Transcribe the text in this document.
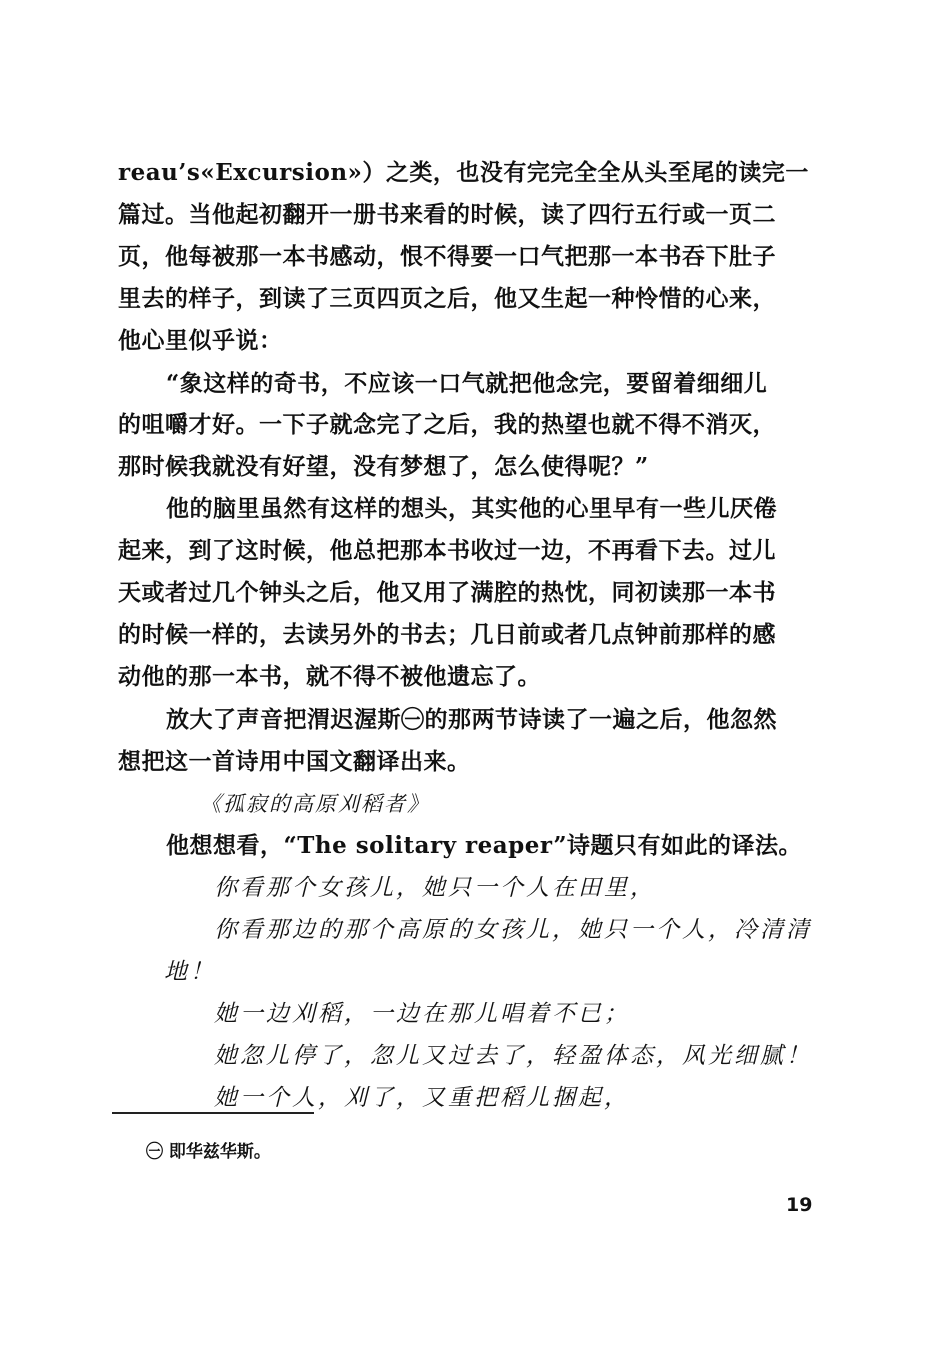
reau’s«Excursion»）之类，也没有完完全全从头至尾的读完一
篇过。当他起初翻开一册书来看的时候，读了四行五行或一页二
页，他每被那一本书感动，恨不得要一口气把那一本书吞下肚子
里去的样子，到读了三页四页之后，他又生起一种怜惜的心来，
他心里似乎说：
“象这样的奇书，不应该一口气就把他念完，要留着细细儿
的咀嚼才好。一下子就念完了之后，我的热望也就不得不消灭，
那时候我就没有好望，没有梦想了，怎么使得呢？”
他的脑里虽然有这样的想头，其实他的心里早有一些儿厌倦
起来，到了这时候，他总把那本书收过一边，不再看下去。过儿
天或者过几个钟头之后，他又用了满腔的热忱，同初读那一本书
的时候一样的，去读另外的书去；几日前或者几点钟前那样的感
动他的那一本书，就不得不被他遗忘了。
放大了声音把渭迟渥斯㊀的那两节诗读了一遍之后，他忽然
想把这一首诗用中国文翻译出来。
《孤寂的高原刈稻者》
他想想看，“The solitary reaper”诗题只有如此的译法。
你看那个女孩儿，她只一个人在田里，
你看那边的那个高原的女孩儿，她只一个人，冷清清
地！
她一边刈稻，一边在那儿唱着不已；
她忽儿停了，忽儿又过去了，轻盈体态，风光细腻！
她一个人，刈了，又重把稻儿捆起，
㊀ 即华兹华斯。
19
